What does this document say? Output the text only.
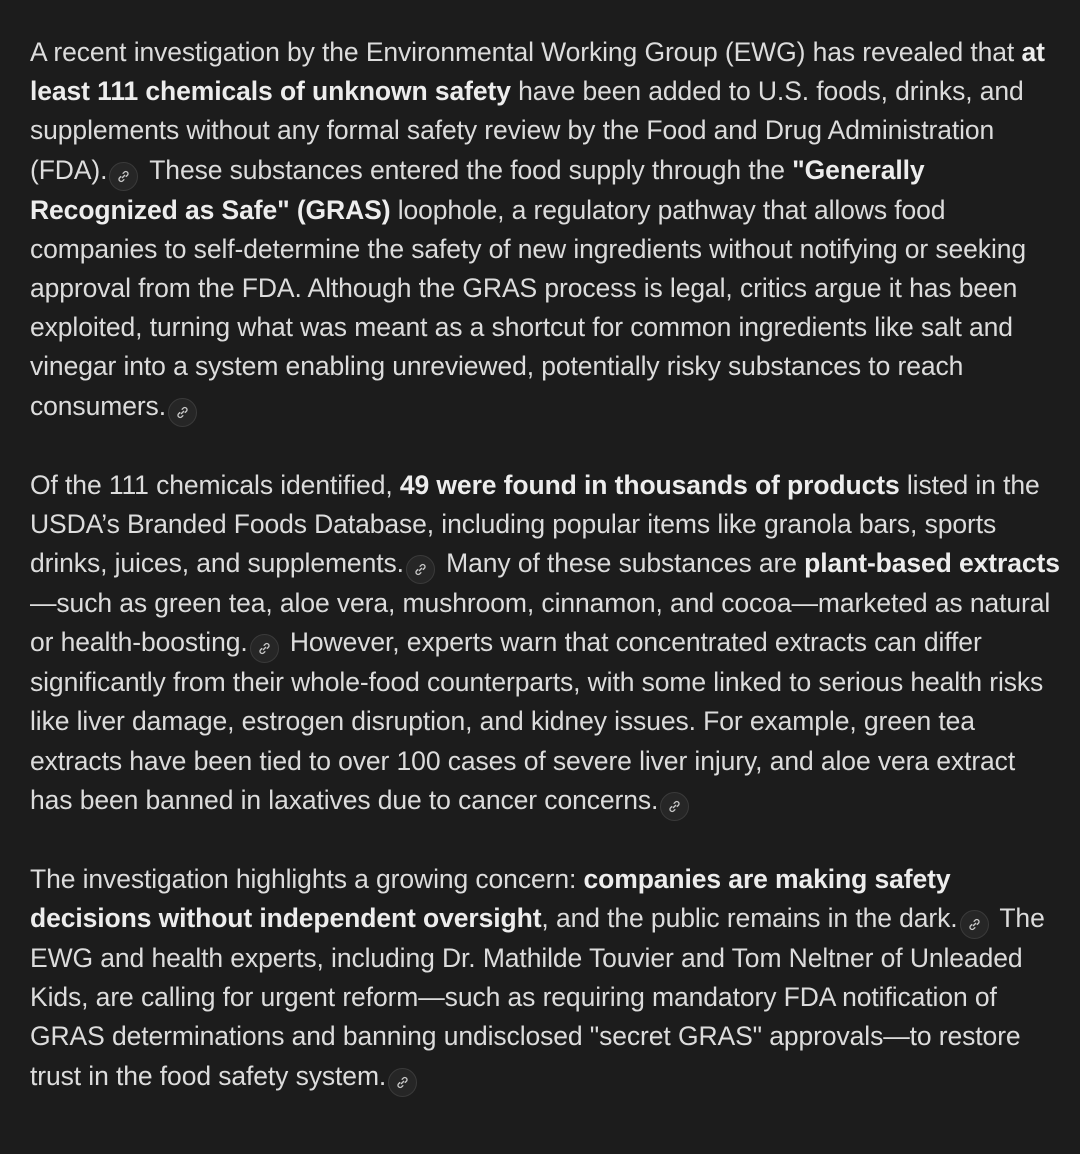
A recent investigation by the Environmental Working Group (EWG) has revealed that at least 111 chemicals of unknown safety have been added to U.S. foods, drinks, and supplements without any formal safety review by the Food and Drug Administration (FDA). These substances entered the food supply through the "Generally Recognized as Safe" (GRAS) loophole, a regulatory pathway that allows food companies to self-determine the safety of new ingredients without notifying or seeking approval from the FDA. Although the GRAS process is legal, critics argue it has been exploited, turning what was meant as a shortcut for common ingredients like salt and vinegar into a system enabling unreviewed, potentially risky substances to reach consumers.

Of the 111 chemicals identified, 49 were found in thousands of products listed in the USDA’s Branded Foods Database, including popular items like granola bars, sports drinks, juices, and supplements. Many of these substances are plant-based extracts—such as green tea, aloe vera, mushroom, cinnamon, and cocoa—marketed as natural or health-boosting. However, experts warn that concentrated extracts can differ significantly from their whole-food counterparts, with some linked to serious health risks like liver damage, estrogen disruption, and kidney issues. For example, green tea extracts have been tied to over 100 cases of severe liver injury, and aloe vera extract has been banned in laxatives due to cancer concerns.

The investigation highlights a growing concern: companies are making safety decisions without independent oversight, and the public remains in the dark. The EWG and health experts, including Dr. Mathilde Touvier and Tom Neltner of Unleaded Kids, are calling for urgent reform—such as requiring mandatory FDA notification of GRAS determinations and banning undisclosed "secret GRAS" approvals—to restore trust in the food safety system.
